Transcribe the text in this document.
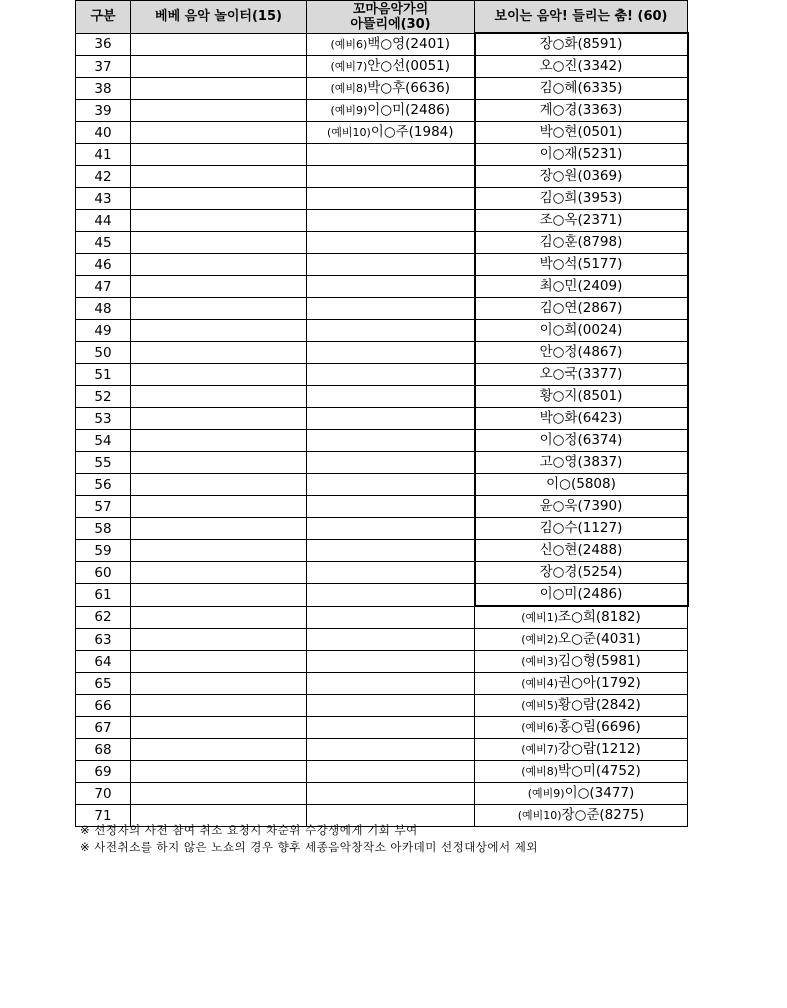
구분	베베 음악 놀이터(15)	꼬마음악가의
아뜰리에(30)	보이는 음악! 들리는 춤! (60)
36		(예비6)백○영(2401)	장○화(8591)
37		(예비7)안○선(0051)	오○진(3342)
38		(예비8)박○후(6636)	김○혜(6335)
39		(예비9)이○미(2486)	계○경(3363)
40		(예비10)이○주(1984)	박○현(0501)
41			이○재(5231)
42			장○원(0369)
43			김○희(3953)
44			조○옥(2371)
45			김○훈(8798)
46			박○석(5177)
47			최○민(2409)
48			김○연(2867)
49			이○희(0024)
50			안○정(4867)
51			오○국(3377)
52			황○지(8501)
53			박○화(6423)
54			이○정(6374)
55			고○영(3837)
56			이○(5808)
57			윤○욱(7390)
58			김○수(1127)
59			신○현(2488)
60			장○경(5254)
61			이○미(2486)
62			(예비1)조○희(8182)
63			(예비2)오○준(4031)
64			(예비3)김○형(5981)
65			(예비4)권○아(1792)
66			(예비5)황○람(2842)
67			(예비6)홍○림(6696)
68			(예비7)강○람(1212)
69			(예비8)박○미(4752)
70			(예비9)이○(3477)
71			(예비10)장○준(8275)
※ 선정자의 사전 참여 취소 요청시 차순위 수강생에게 기회 부여
※ 사전취소를 하지 않은 노쇼의 경우 향후 세종음악창작소 아카데미 선정대상에서 제외
